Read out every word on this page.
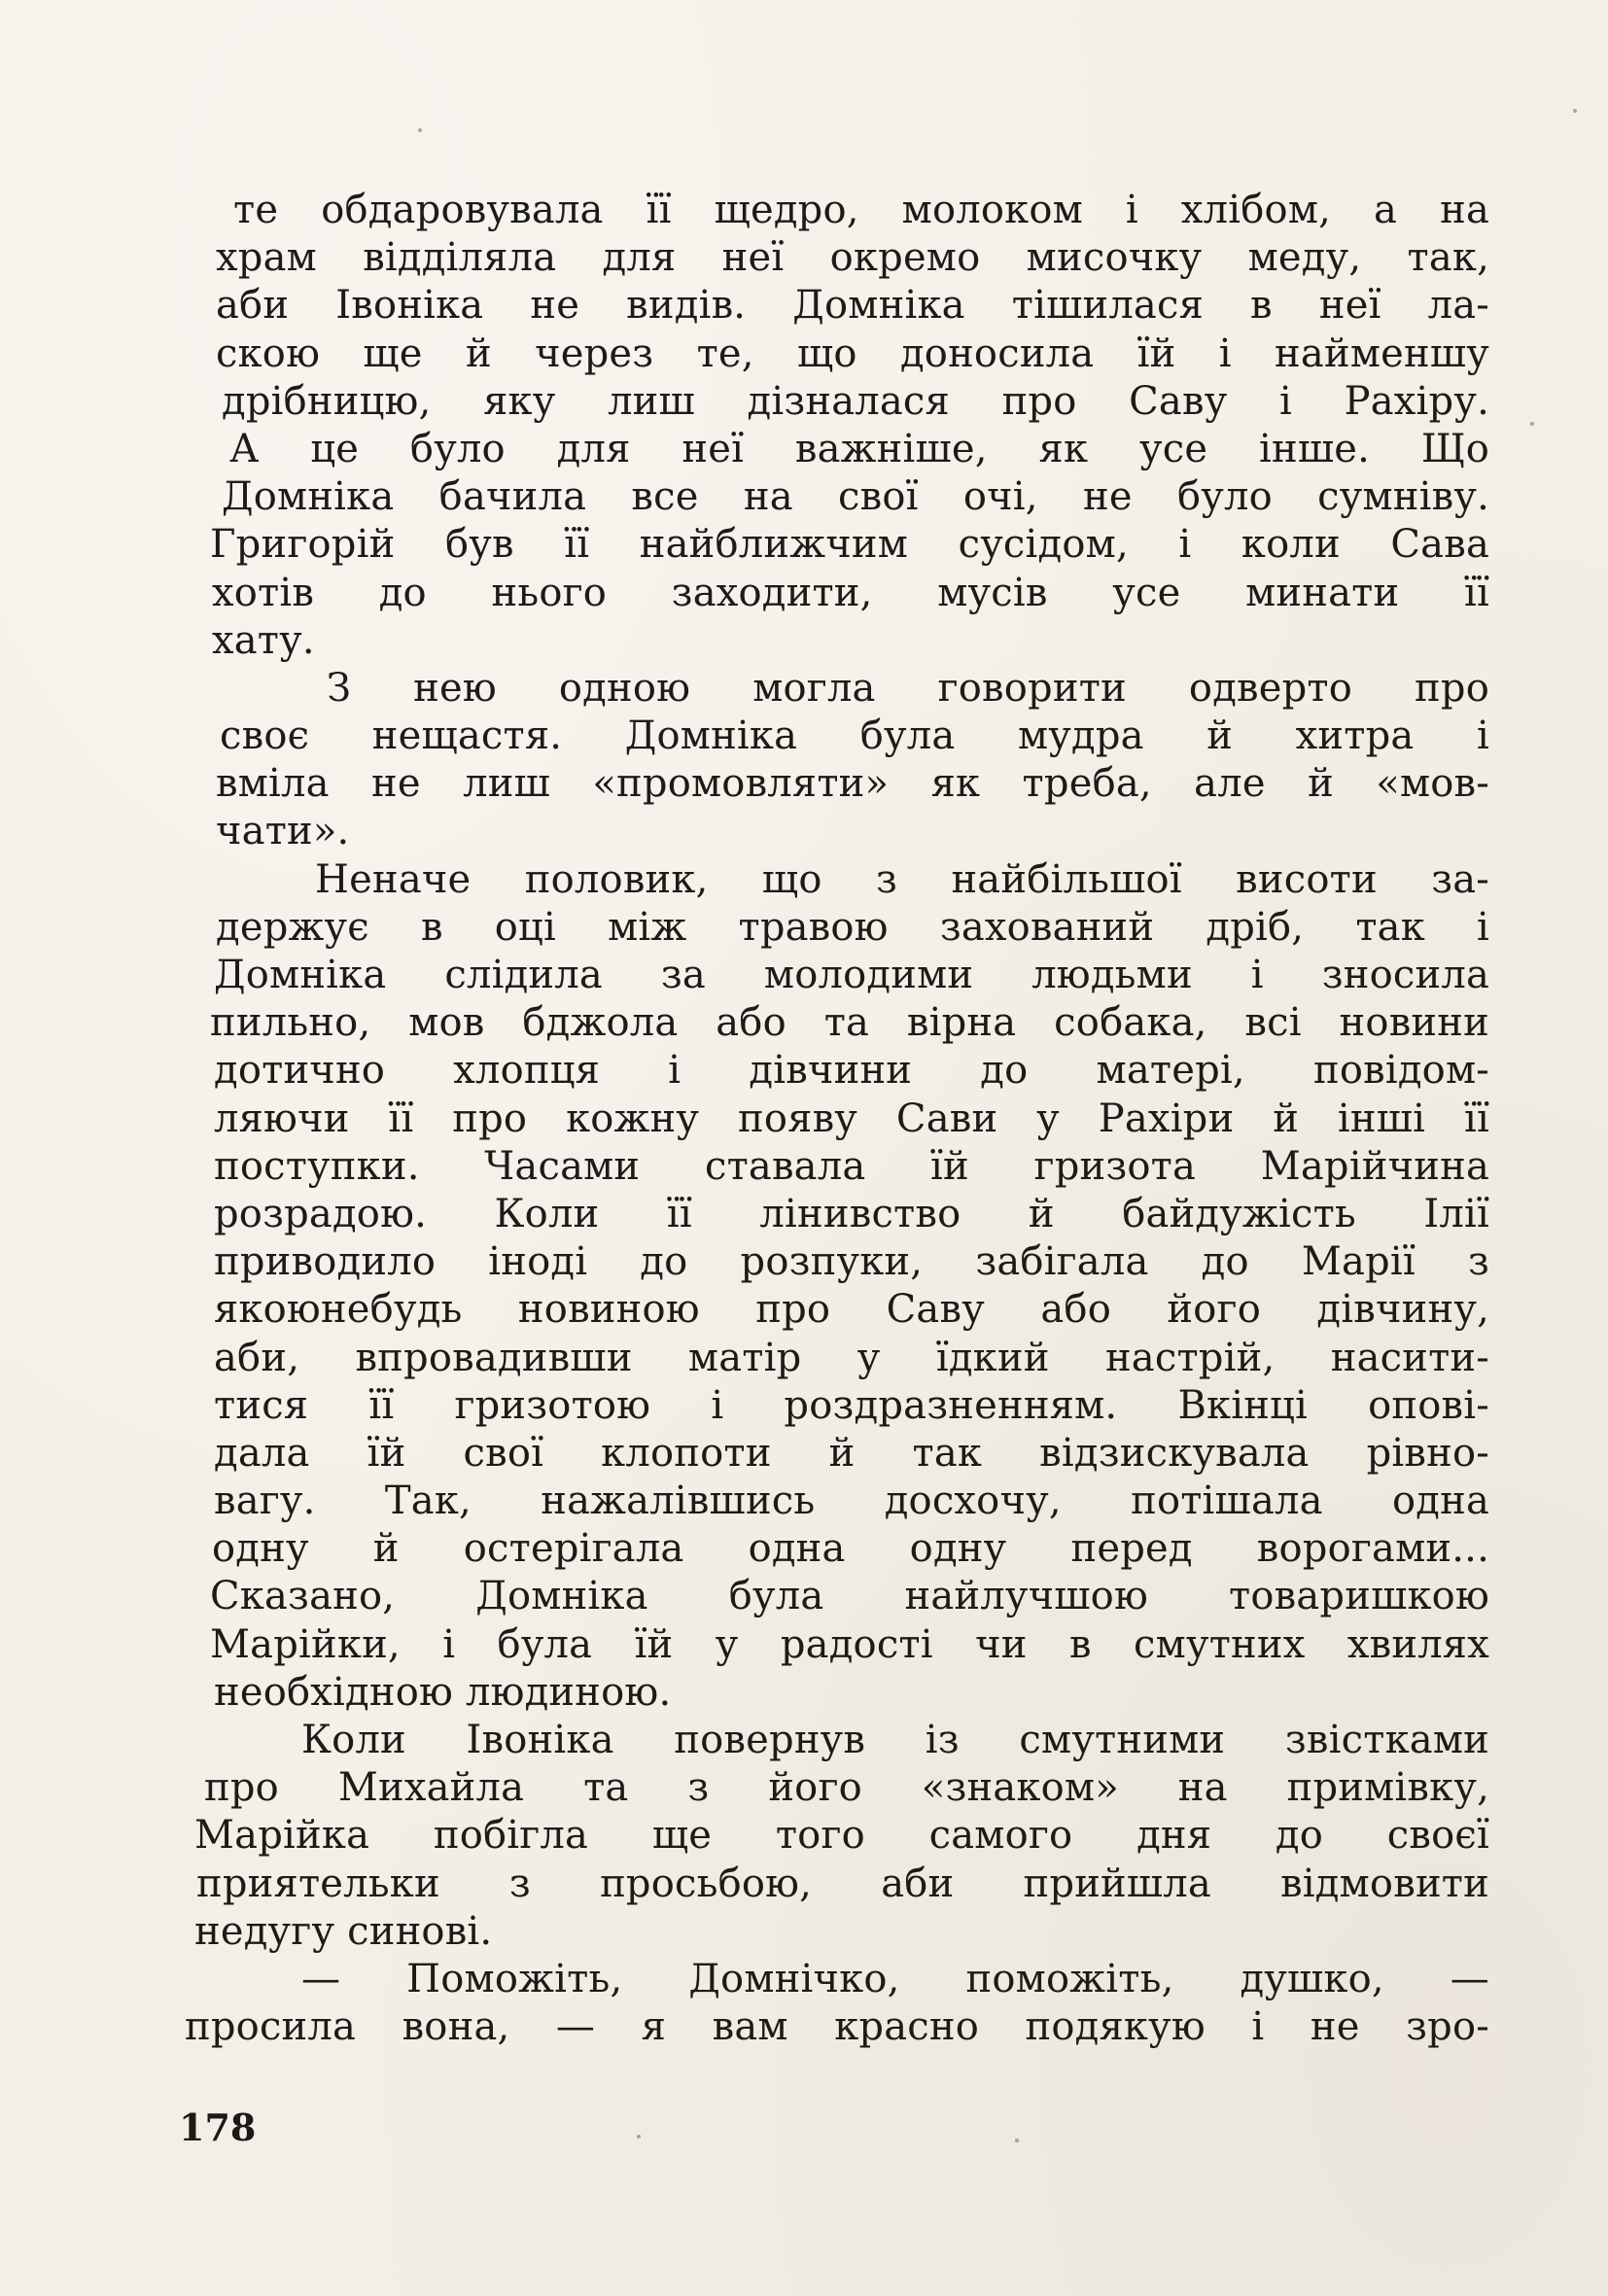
те обдаровувала її щедро, молоком і хлібом, а на
храм відділяла для неї окремо мисочку меду, так,
аби Івоніка не видів. Домніка тішилася в неї ла-
скою ще й через те, що доносила їй і найменшу
дрібницю, яку лиш дізналася про Саву і Рахіру.
А це було для неї важніше, як усе інше. Що
Домніка бачила все на свої очі, не було сумніву.
Григорій був її найближчим сусідом, і коли Сава
хотів до нього заходити, мусів усе минати її
хату.
З нею одною могла говорити одверто про
своє нещастя. Домніка була мудра й хитра і
вміла не лиш «промовляти» як треба, але й «мов-
чати».
Неначе половик, що з найбільшої висоти за-
держує в оці між травою захований дріб, так і
Домніка слідила за молодими людьми і зносила
пильно, мов бджола або та вірна собака, всі новини
дотично хлопця і дівчини до матері, повідом-
ляючи її про кожну появу Сави у Рахіри й інші її
поступки. Часами ставала їй гризота Марійчина
розрадою. Коли її лінивство й байдужість Ілії
приводило іноді до розпуки, забігала до Марії з
якоюнебудь новиною про Саву або його дівчину,
аби, впровадивши матір у їдкий настрій, насити-
тися її гризотою і роздразненням. Вкінці опові-
дала їй свої клопоти й так відзискувала рівно-
вагу. Так, нажалівшись досхочу, потішала одна
одну й остерігала одна одну перед ворогами...
Сказано, Домніка була найлучшою товаришкою
Марійки, і була їй у радості чи в смутних хвилях
необхідною людиною.
Коли Івоніка повернув із смутними звістками
про Михайла та з його «знаком» на примівку,
Марійка побігла ще того самого дня до своєї
приятельки з просьбою, аби прийшла відмовити
недугу синові.
— Поможіть, Домнічко, поможіть, душко, —
просила вона, — я вам красно подякую і не зро-
178
